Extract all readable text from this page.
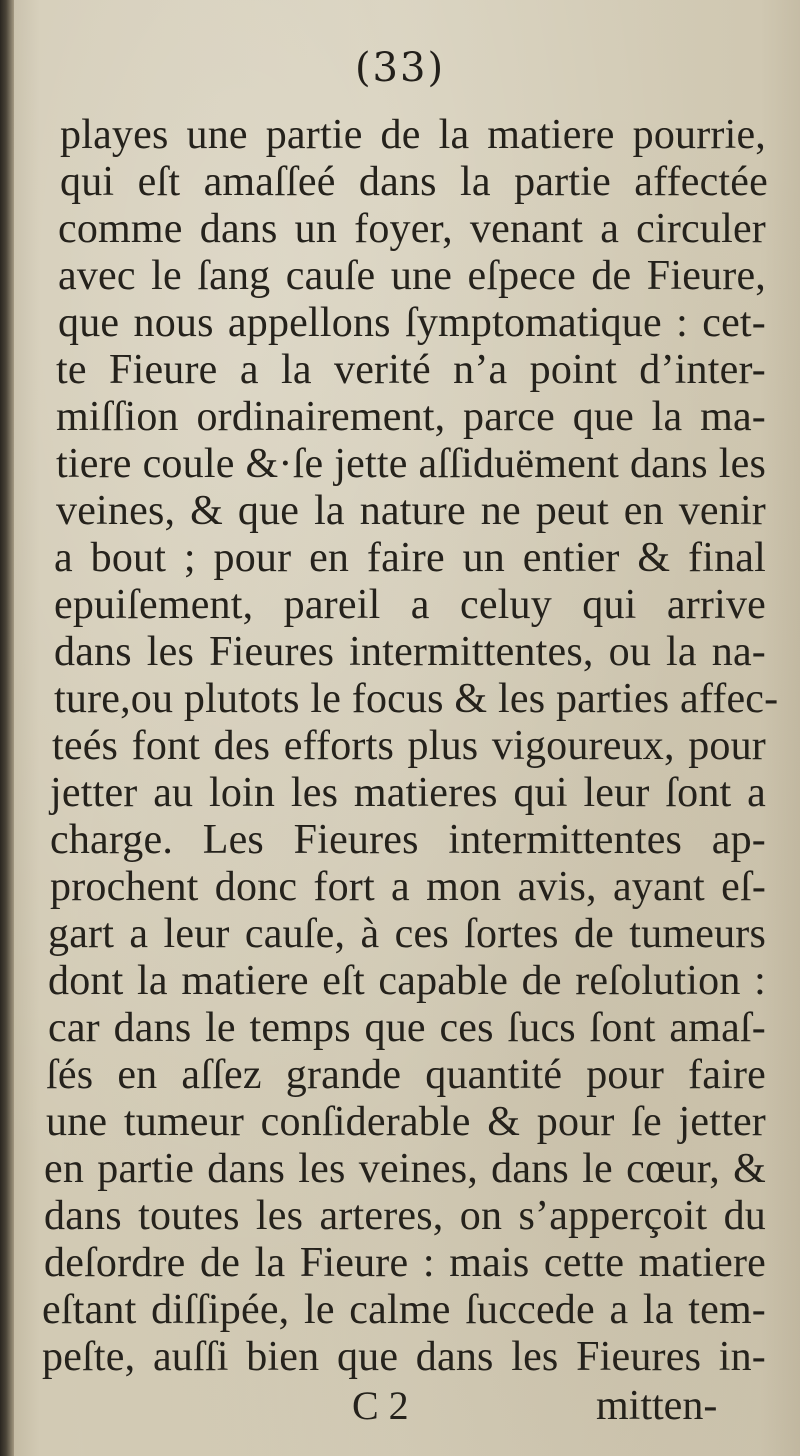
(33)
playes une partie de la matiere pourrie,
qui eſt amaſſeé dans la partie affectée
comme dans un foyer, venant a circuler
avec le ſang cauſe une eſpece de Fieure,
que nous appellons ſymptomatique : cet-
te Fieure a la verité n’a point d’inter-
miſſion ordinairement, parce que la ma-
tiere coule &·ſe jette aſſiduëment dans les
veines, & que la nature ne peut en venir
a bout ; pour en faire un entier & final
epuiſement, pareil a celuy qui arrive
dans les Fieures intermittentes, ou la na-
ture,ou plutots le focus & les parties affec-
teés font des efforts plus vigoureux, pour
jetter au loin les matieres qui leur ſont a
charge. Les Fieures intermittentes ap-
prochent donc fort a mon avis, ayant eſ-
gart a leur cauſe, à ces ſortes de tumeurs
dont la matiere eſt capable de reſolution :
car dans le temps que ces ſucs ſont amaſ-
ſés en aſſez grande quantité pour faire
une tumeur conſiderable & pour ſe jetter
en partie dans les veines, dans le cœur, &
dans toutes les arteres, on s’apperçoit du
deſordre de la Fieure : mais cette matiere
eſtant diſſipée, le calme ſuccede a la tem-
peſte, auſſi bien que dans les Fieures in-
C 2	mitten-
